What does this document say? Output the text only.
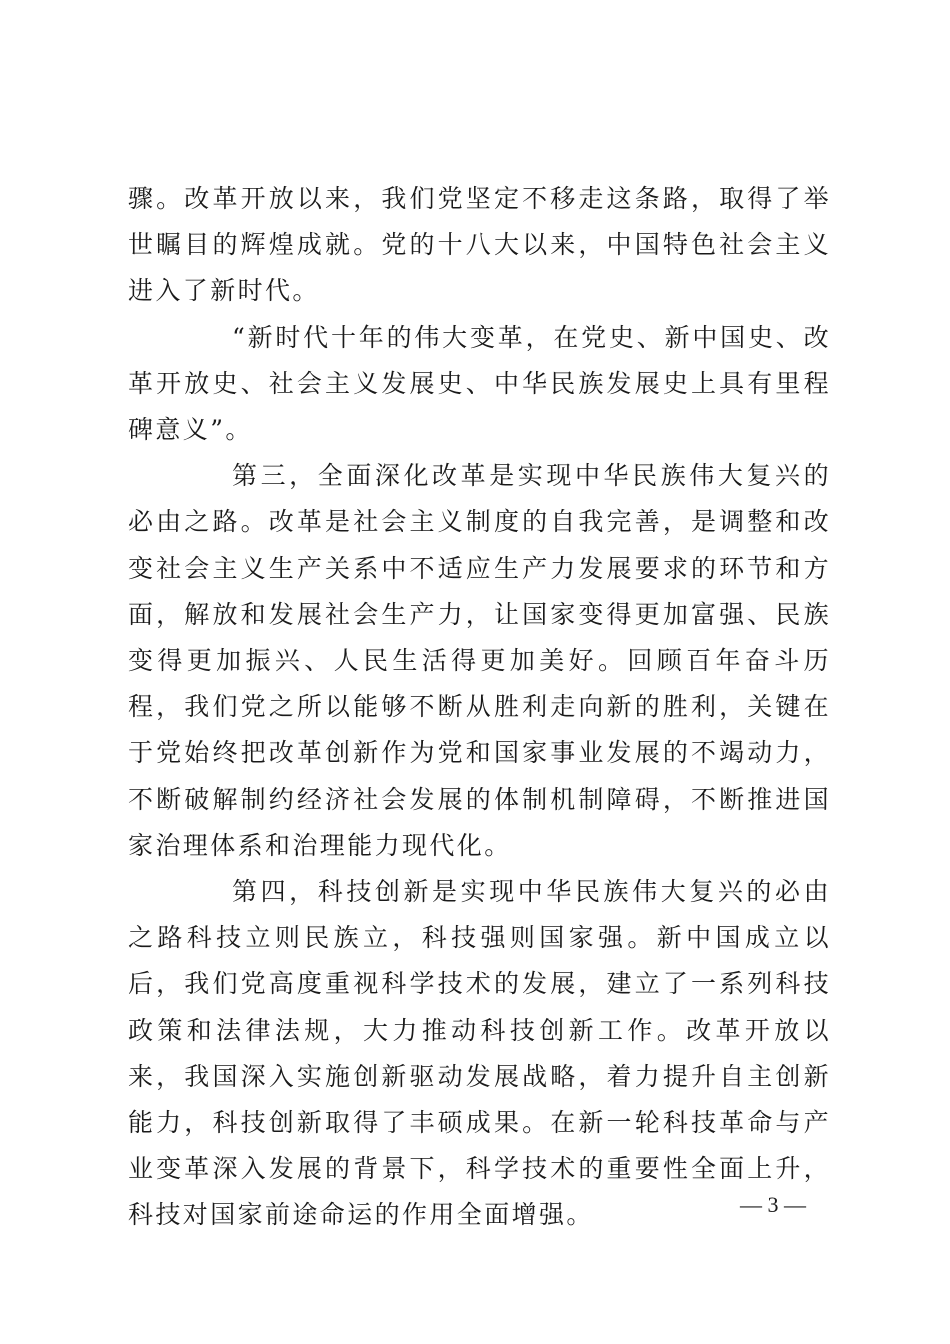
骤。改革开放以来，我们党坚定不移走这条路，取得了举世瞩目的辉煌成就。党的十八大以来，中国特色社会主义进入了新时代。

“新时代十年的伟大变革，在党史、新中国史、改革开放史、社会主义发展史、中华民族发展史上具有里程碑意义”。

第三，全面深化改革是实现中华民族伟大复兴的必由之路。改革是社会主义制度的自我完善，是调整和改变社会主义生产关系中不适应生产力发展要求的环节和方面，解放和发展社会生产力，让国家变得更加富强、民族变得更加振兴、人民生活得更加美好。回顾百年奋斗历程，我们党之所以能够不断从胜利走向新的胜利，关键在于党始终把改革创新作为党和国家事业发展的不竭动力，不断破解制约经济社会发展的体制机制障碍，不断推进国家治理体系和治理能力现代化。

第四，科技创新是实现中华民族伟大复兴的必由之路科技立则民族立，科技强则国家强。新中国成立以后，我们党高度重视科学技术的发展，建立了一系列科技政策和法律法规，大力推动科技创新工作。改革开放以来，我国深入实施创新驱动发展战略，着力提升自主创新能力，科技创新取得了丰硕成果。在新一轮科技革命与产业变革深入发展的背景下，科学技术的重要性全面上升，科技对国家前途命运的作用全面增强。	— 3 —
